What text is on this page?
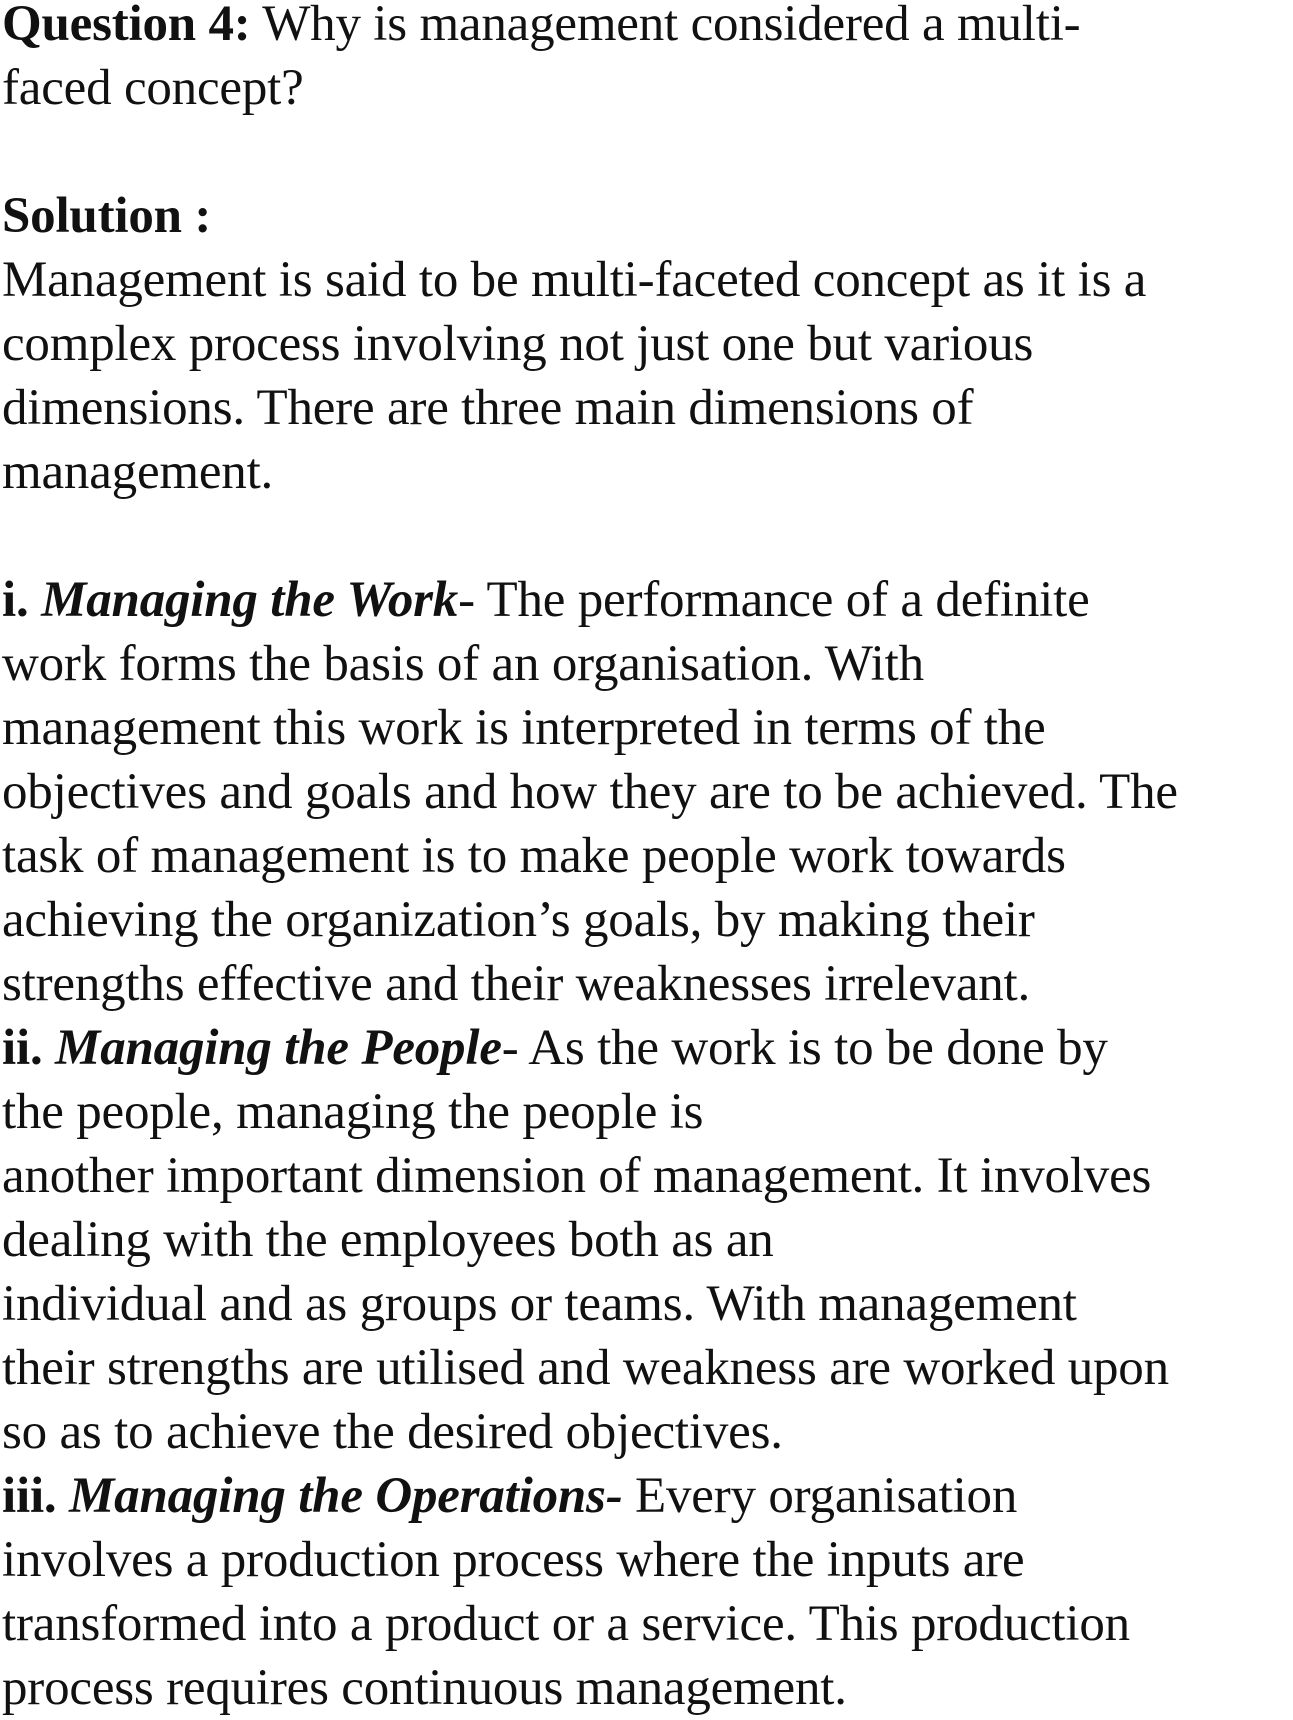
Question 4: Why is management considered a multi-
faced concept?
Solution :
Management is said to be multi-faceted concept as it is a
complex process involving not just one but various
dimensions. There are three main dimensions of
management.
i. Managing the Work- The performance of a definite
work forms the basis of an organisation. With
management this work is interpreted in terms of the
objectives and goals and how they are to be achieved. The
task of management is to make people work towards
achieving the organization’s goals, by making their
strengths effective and their weaknesses irrelevant.
ii. Managing the People- As the work is to be done by
the people, managing the people is
another important dimension of management. It involves
dealing with the employees both as an
individual and as groups or teams. With management
their strengths are utilised and weakness are worked upon
so as to achieve the desired objectives.
iii. Managing the Operations- Every organisation
involves a production process where the inputs are
transformed into a product or a service. This production
process requires continuous management.
